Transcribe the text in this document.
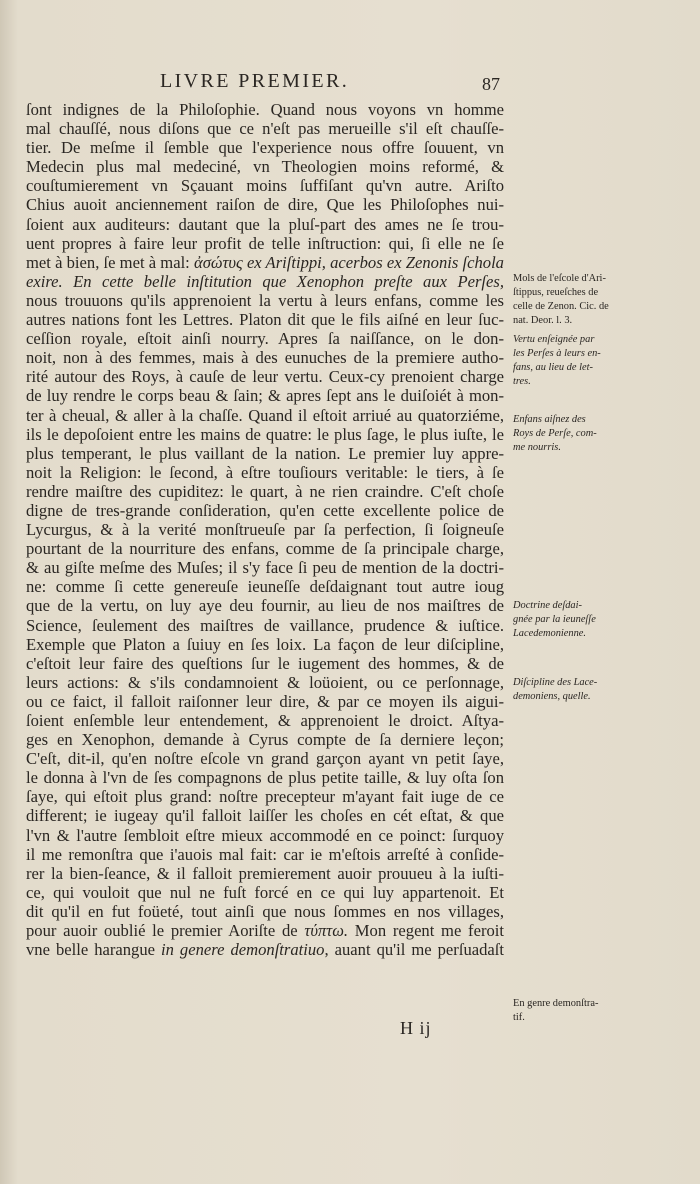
LIVRE PREMIER.	87
ſont indignes de la Philoſophie. Quand nous voyons vn homme
mal chauſſé, nous diſons que ce n'eſt pas merueille s'il eſt chauſſe-
tier. De meſme il ſemble que l'experience nous offre ſouuent, vn
Medecin plus mal medeciné, vn Theologien moins reformé, &
couſtumierement vn Sçauant moins ſuffiſant qu'vn autre. Ariſto
Chius auoit anciennement raiſon de dire, Que les Philoſophes nui-
ſoient aux auditeurs: dautant que la pluſ-part des ames ne ſe trou-
uent propres à faire leur profit de telle inſtruction: qui, ſi elle ne ſe
met à bien, ſe met à mal: ἀσώτυς ex Ariſtippi, acerbos ex Zenonis ſchola
exire. En cette belle inſtitution que Xenophon preſte aux Perſes,
nous trouuons qu'ils apprenoient la vertu à leurs enfans, comme les
autres nations font les Lettres. Platon dit que le fils aiſné en leur ſuc-
ceſſion royale, eſtoit ainſi nourry. Apres ſa naiſſance, on le don-
noit, non à des femmes, mais à des eunuches de la premiere autho-
rité autour des Roys, à cauſe de leur vertu. Ceux-cy prenoient charge
de luy rendre le corps beau & ſain; & apres ſept ans le duiſoiét à mon-
ter à cheual, & aller à la chaſſe. Quand il eſtoit arriué au quatorziéme,
ils le depoſoient entre les mains de quatre: le plus ſage, le plus iuſte, le
plus temperant, le plus vaillant de la nation. Le premier luy appre-
noit la Religion: le ſecond, à eſtre touſiours veritable: le tiers, à ſe
rendre maiſtre des cupiditez: le quart, à ne rien craindre. C'eſt choſe
digne de tres-grande conſideration, qu'en cette excellente police de
Lycurgus, & à la verité monſtrueuſe par ſa perfection, ſi ſoigneuſe
pourtant de la nourriture des enfans, comme de ſa principale charge,
& au giſte meſme des Muſes; il s'y face ſi peu de mention de la doctri-
ne: comme ſi cette genereuſe ieuneſſe deſdaignant tout autre ioug
que de la vertu, on luy aye deu fournir, au lieu de nos maiſtres de
Science, ſeulement des maiſtres de vaillance, prudence & iuſtice.
Exemple que Platon a ſuiuy en ſes loix. La façon de leur diſcipline,
c'eſtoit leur faire des queſtions ſur le iugement des hommes, & de
leurs actions: & s'ils condamnoient & loüoient, ou ce perſonnage,
ou ce faict, il falloit raiſonner leur dire, & par ce moyen ils aigui-
ſoient enſemble leur entendement, & apprenoient le droict. Aſtya-
ges en Xenophon, demande à Cyrus compte de ſa derniere leçon;
C'eſt, dit-il, qu'en noſtre eſcole vn grand garçon ayant vn petit ſaye,
le donna à l'vn de ſes compagnons de plus petite taille, & luy oſta ſon
ſaye, qui eſtoit plus grand: noſtre precepteur m'ayant fait iuge de ce
different; ie iugeay qu'il falloit laiſſer les choſes en cét eſtat, & que
l'vn & l'autre ſembloit eſtre mieux accommodé en ce poinct: ſurquoy
il me remonſtra que i'auois mal fait: car ie m'eſtois arreſté à conſide-
rer la bien-ſeance, & il falloit premierement auoir prouueu à la iuſti-
ce, qui vouloit que nul ne fuſt forcé en ce qui luy appartenoit. Et
dit qu'il en fut foüeté, tout ainſi que nous ſommes en nos villages,
pour auoir oublié le premier Aoriſte de τύπτω. Mon regent me feroit
vne belle harangue in genere demonſtratiuo, auant qu'il me perſuadaſt
Mols de l'eſcole d'Ari-
ſtippus, reueſches de
celle de Zenon. Cic. de
nat. Deor. l. 3.
Vertu enſeignée par
les Perſes à leurs en-
fans, au lieu de let-
tres.
Enfans aiſnez des
Roys de Perſe, com-
me nourris.
Doctrine deſdai-
gnée par la ieuneſſe
Lacedemonienne.
Diſcipline des Lace-
demoniens, quelle.
En genre demonſtra-
tif.
H ij
